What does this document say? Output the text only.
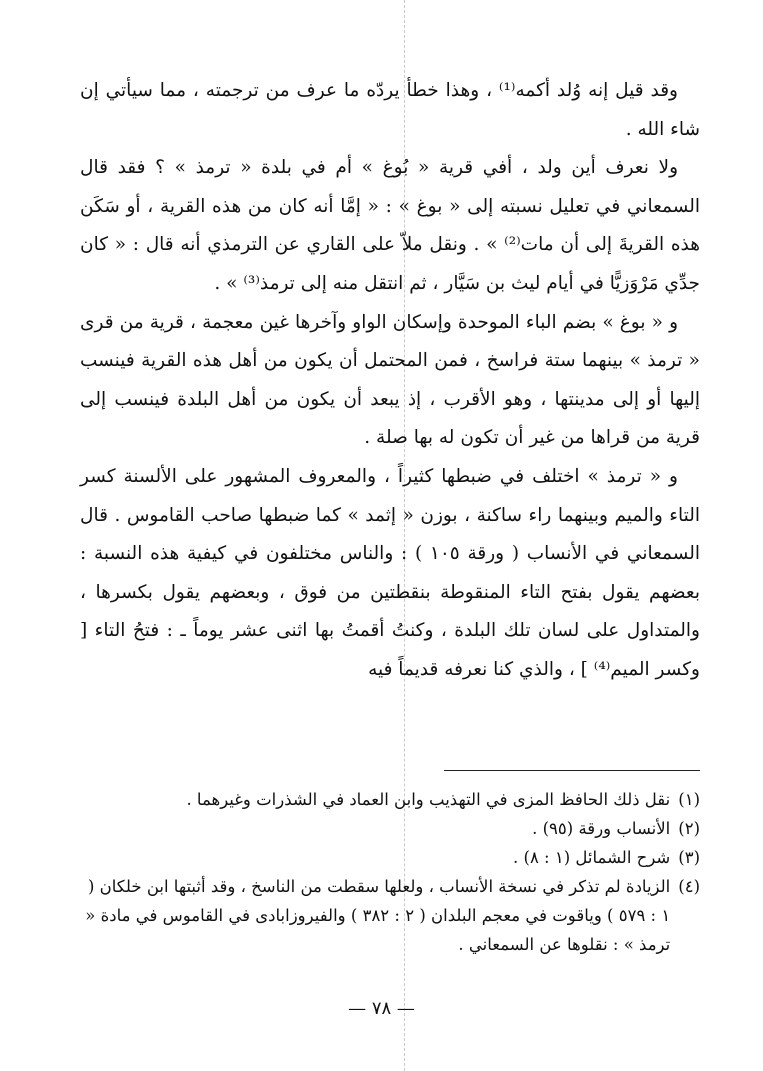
وقد قيل إنه وُلد أكمه⁽¹⁾ ، وهذا خطأ يردّه ما عرف من ترجمته ، مما سيأتي إن شاء الله .

ولا نعرف أين ولد ، أفي قرية « بُوغ » أم في بلدة « ترمذ » ؟ فقد قال السمعاني في تعليل نسبته إلى « بوغ » : « إمَّا أنه كان من هذه القرية ، أو سَكَن هذه القريةَ إلى أن مات⁽²⁾ » . ونقل ملاّ على القاري عن الترمذي أنه قال : « كان جدِّي مَرْوَزيًّا في أيام ليث بن سَيَّار ، ثم انتقل منه إلى ترمذ⁽³⁾ » .

و « بوغ » بضم الباء الموحدة وإسكان الواو وآخرها غين معجمة ، قرية من قرى « ترمذ » بينهما ستة فراسخ ، فمن المحتمل أن يكون من أهل هذه القرية فينسب إليها أو إلى مدينتها ، وهو الأقرب ، إذ يبعد أن يكون من أهل البلدة فينسب إلى قرية من قراها من غير أن تكون له بها صلة .

و « ترمذ » اختلف في ضبطها كثيراً ، والمعروف المشهور على الألسنة كسر التاء والميم وبينهما راء ساكنة ، بوزن « إثمد » كما ضبطها صاحب القاموس . قال السمعاني في الأنساب ( ورقة ١٠٥ ) : والناس مختلفون في كيفية هذه النسبة : بعضهم يقول بفتح التاء المنقوطة بنقطتين من فوق ، وبعضهم يقول بكسرها ، والمتداول على لسان تلك البلدة ، وكنتُ أقمتُ بها اثنى عشر يوماً ـ : فتحُ التاء [ وكسر الميم⁽⁴⁾ ] ، والذي كنا نعرفه قديماً فيه

(١)
نقل ذلك الحافظ المزى في التهذيب وابن العماد في الشذرات وغيرهما .
(٢)
الأنساب ورقة (٩٥) .
(٣)
شرح الشمائل (١ : ٨) .
(٤)
الزيادة لم تذكر في نسخة الأنساب ، ولعلها سقطت من الناسخ ، وقد أثبتها ابن خلكان ( ١ : ٥٧٩ ) وياقوت في معجم البلدان ( ٢ : ٣٨٢ ) والفيروزابادى في القاموس في مادة « ترمذ » : نقلوها عن السمعاني .
— ٧٨ —
